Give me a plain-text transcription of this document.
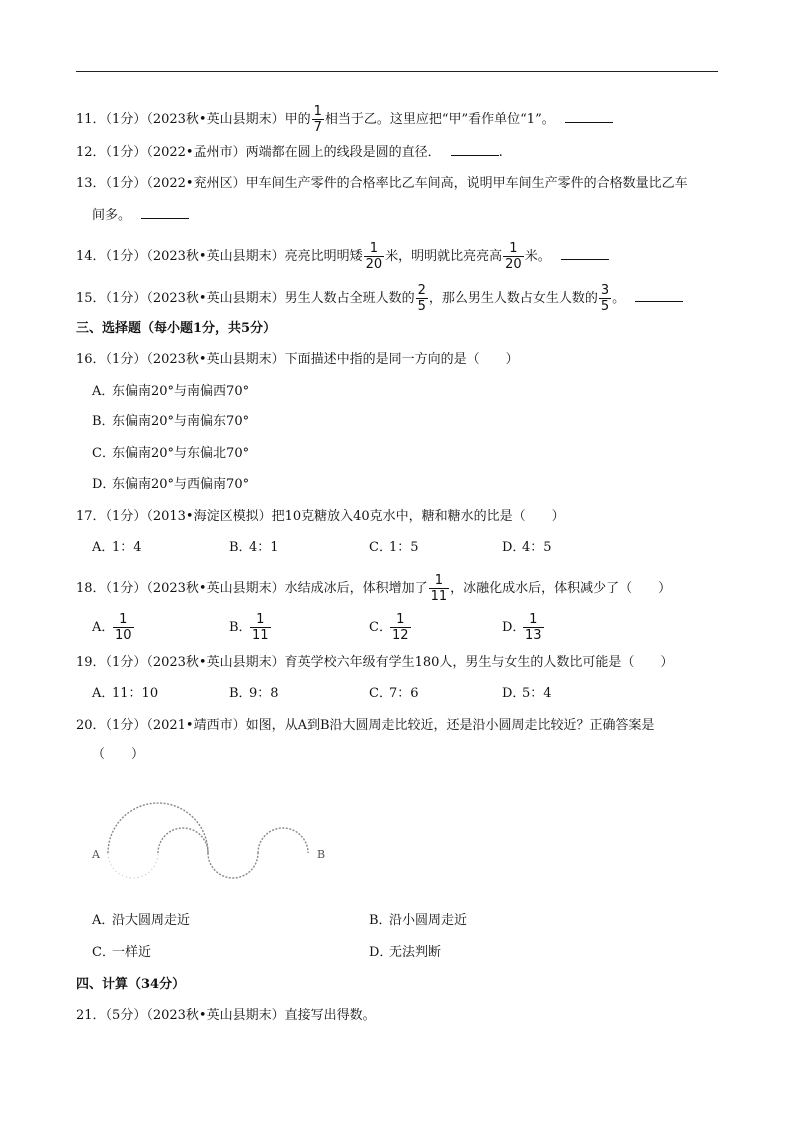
11．（1分）（2023秋•英山县期末）甲的 $\frac{1}{7}$ 相当于乙。这里应把“甲”看作单位“1”。
12．（1分）（2022•孟州市）两端都在圆上的线段是圆的直径．	.
13．（1分）（2022•兖州区）甲车间生产零件的合格率比乙车间高，说明甲车间生产零件的合格数量比乙车
间多。
14．（1分）（2023秋•英山县期末）亮亮比明明矮 $\frac{1}{20}$ 米，明明就比亮亮高 $\frac{1}{20}$ 米。
15．（1分）（2023秋•英山县期末）男生人数占全班人数的 $\frac{2}{5}$ ，那么男生人数占女生人数的 $\frac{3}{5}$ 。
三、选择题（每小题1分，共5分）
16．（1分）（2023秋•英山县期末）下面描述中指的是同一方向的是（　　）
A．东偏南20°与南偏西70°
B．东偏南20°与南偏东70°
C．东偏南20°与东偏北70°
D．东偏南20°与西偏南70°
17．（1分）（2013•海淀区模拟）把10克糖放入40克水中，糖和糖水的比是（　　）
A．1：4	B．4：1	C．1：5	D．4：5
18．（1分）（2023秋•英山县期末）水结成冰后，体积增加了 $\frac{1}{11}$ ，冰融化成水后，体积减少了（　　）
A．
$\frac{1}{10}$	B．
$\frac{1}{11}$	C．
$\frac{1}{12}$	D．
$\frac{1}{13}$
19．（1分）（2023秋•英山县期末）育英学校六年级有学生180人，男生与女生的人数比可能是（　　）
A．11：10	B．9：8	C．7：6	D．5：4
20．（1分）（2021•靖西市）如图，从A到B沿大圆周走比较近，还是沿小圆周走比较近？正确答案是
（　　）
A	B
A．沿大圆周走近	B．沿小圆周走近
C．一样近	D．无法判断
四、计算（34分）
21．（5分）（2023秋•英山县期末）直接写出得数。
